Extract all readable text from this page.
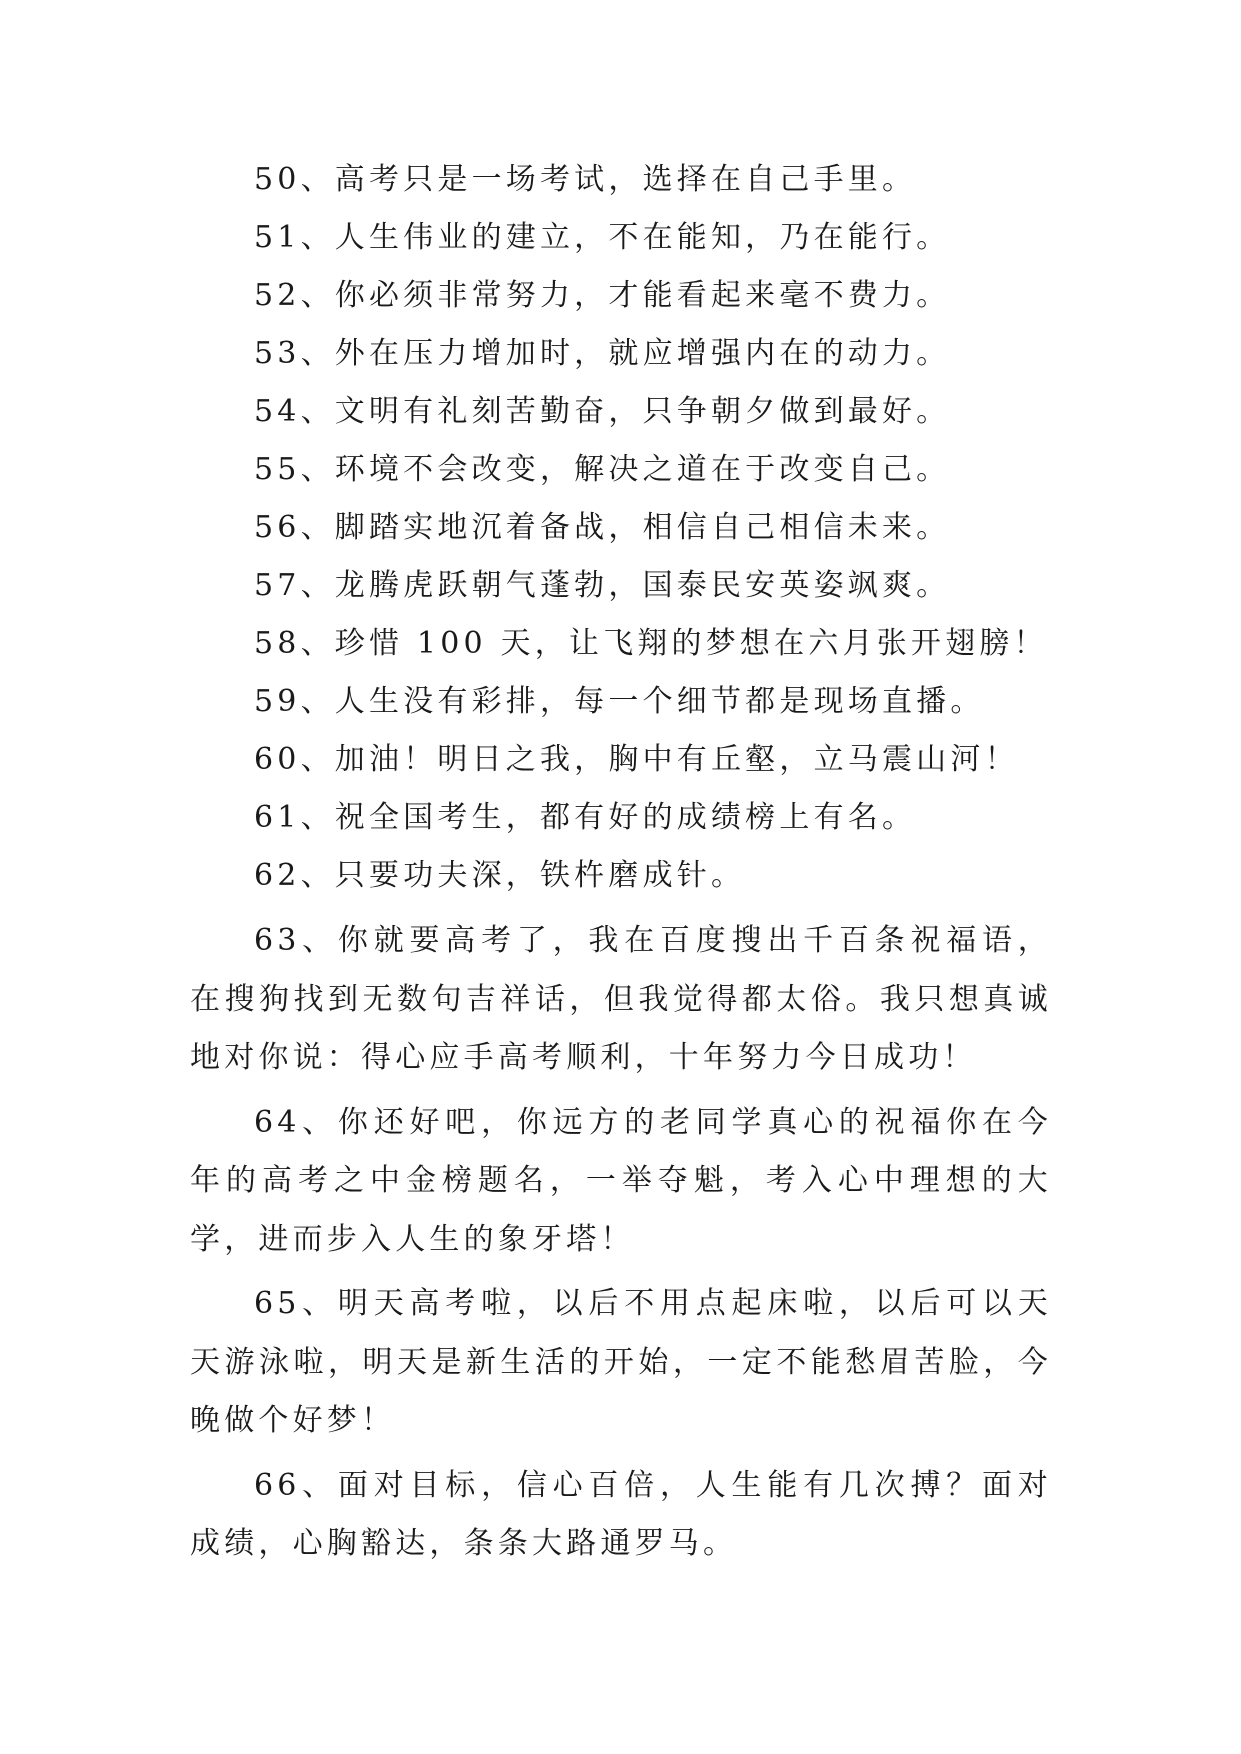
50、高考只是一场考试，选择在自己手里。

51、人生伟业的建立，不在能知，乃在能行。

52、你必须非常努力，才能看起来毫不费力。

53、外在压力增加时，就应增强内在的动力。

54、文明有礼刻苦勤奋，只争朝夕做到最好。

55、环境不会改变，解决之道在于改变自己。

56、脚踏实地沉着备战，相信自己相信未来。

57、龙腾虎跃朝气蓬勃，国泰民安英姿飒爽。

58、珍惜 100 天，让飞翔的梦想在六月张开翅膀！

59、人生没有彩排，每一个细节都是现场直播。

60、加油！明日之我，胸中有丘壑，立马震山河！

61、祝全国考生，都有好的成绩榜上有名。

62、只要功夫深，铁杵磨成针。

63、你就要高考了，我在百度搜出千百条祝福语，在搜狗找到无数句吉祥话，但我觉得都太俗。我只想真诚地对你说：得心应手高考顺利，十年努力今日成功！

64、你还好吧，你远方的老同学真心的祝福你在今年的高考之中金榜题名，一举夺魁，考入心中理想的大学，进而步入人生的象牙塔！

65、明天高考啦，以后不用点起床啦，以后可以天天游泳啦，明天是新生活的开始，一定不能愁眉苦脸，今晚做个好梦！

66、面对目标，信心百倍，人生能有几次搏？面对成绩，心胸豁达，条条大路通罗马。
